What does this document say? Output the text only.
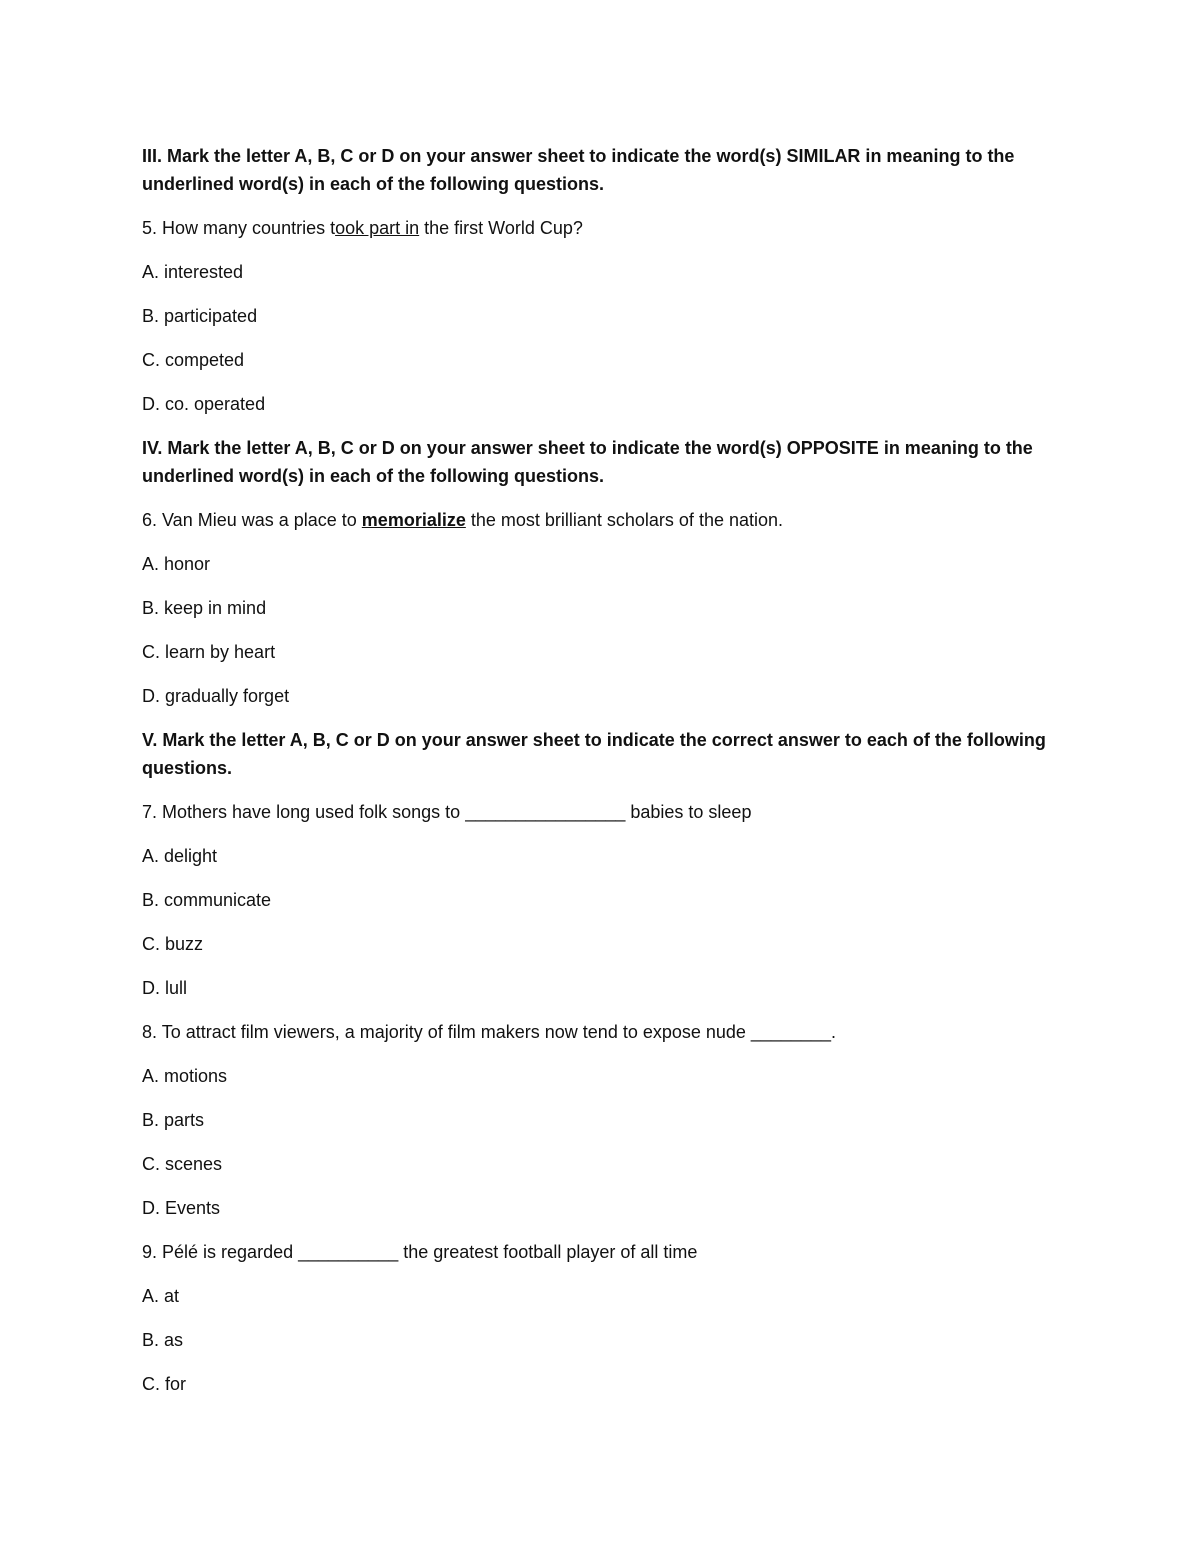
III. Mark the letter A, B, C or D on your answer sheet to indicate the word(s) SIMILAR in meaning to the underlined word(s) in each of the following questions.

5. How many countries took part in the first World Cup?

A. interested

B. participated

C. competed

D. co. operated

IV. Mark the letter A, B, C or D on your answer sheet to indicate the word(s) OPPOSITE in meaning to the underlined word(s) in each of the following questions.

6. Van Mieu was a place to memorialize the most brilliant scholars of the nation.

A. honor

B. keep in mind

C. learn by heart

D. gradually forget

V. Mark the letter A, B, C or D on your answer sheet to indicate the correct answer to each of the following questions.

7. Mothers have long used folk songs to ________________ babies to sleep

A. delight

B. communicate

C. buzz

D. lull

8. To attract film viewers, a majority of film makers now tend to expose nude ________.

A. motions

B. parts

C. scenes

D. Events

9. Pélé is regarded __________ the greatest football player of all time

A. at

B. as

C. for
